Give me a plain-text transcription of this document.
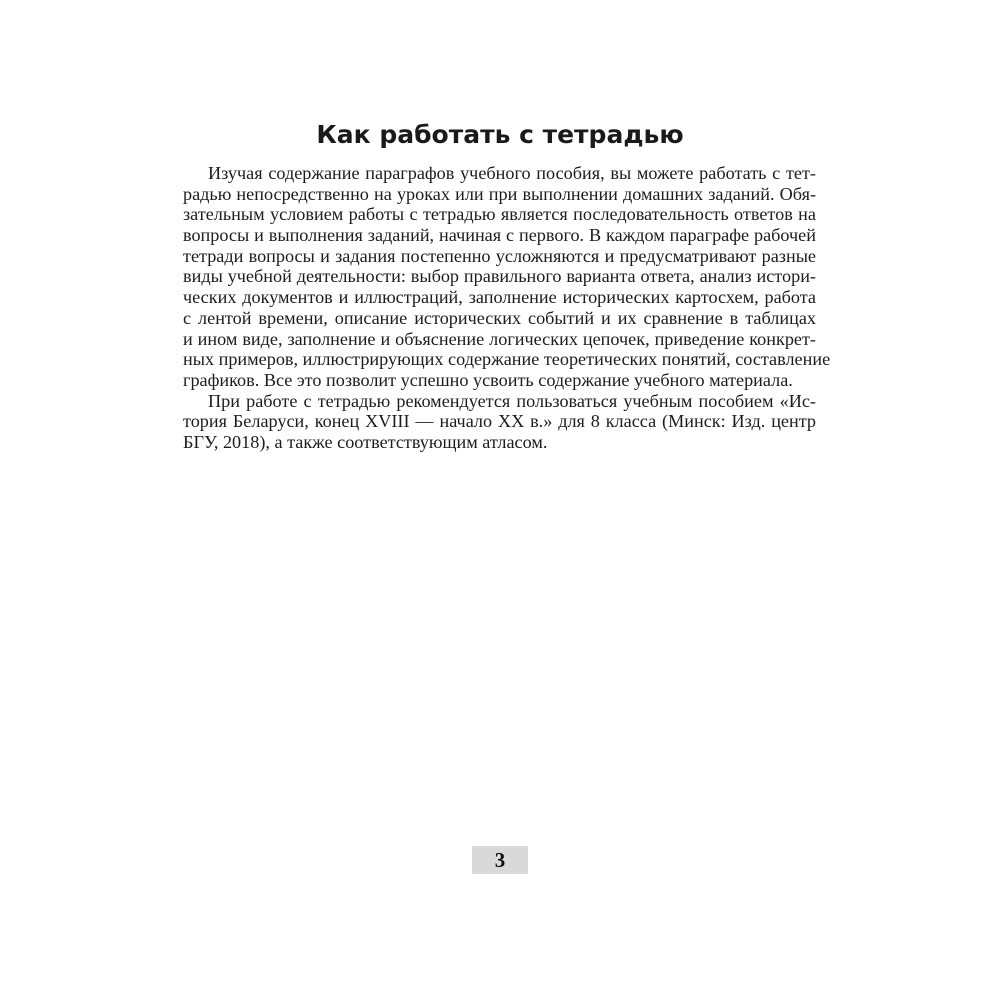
Как работать с тетрадью
Изучая содержание параграфов учебного пособия, вы можете работать с тет-
радью непосредственно на уроках или при выполнении домашних заданий. Обя-
зательным условием работы с тетрадью является последовательность ответов на
вопросы и выполнения заданий, начиная с первого. В каждом параграфе рабочей
тетради вопросы и задания постепенно усложняются и предусматривают разные
виды учебной деятельности: выбор правильного варианта ответа, анализ истори-
ческих документов и иллюстраций, заполнение исторических картосхем, работа
с лентой времени, описание исторических событий и их сравнение в таблицах
и ином виде, заполнение и объяснение логических цепочек, приведение конкрет-
ных примеров, иллюстрирующих содержание теоретических понятий, составление
графиков. Все это позволит успешно усвоить содержание учебного материала.
При работе с тетрадью рекомендуется пользоваться учебным пособием «Ис-
тория Беларуси, конец XVIII — начало XX в.» для 8 класса (Минск: Изд. центр
БГУ, 2018), а также соответствующим атласом.
3
